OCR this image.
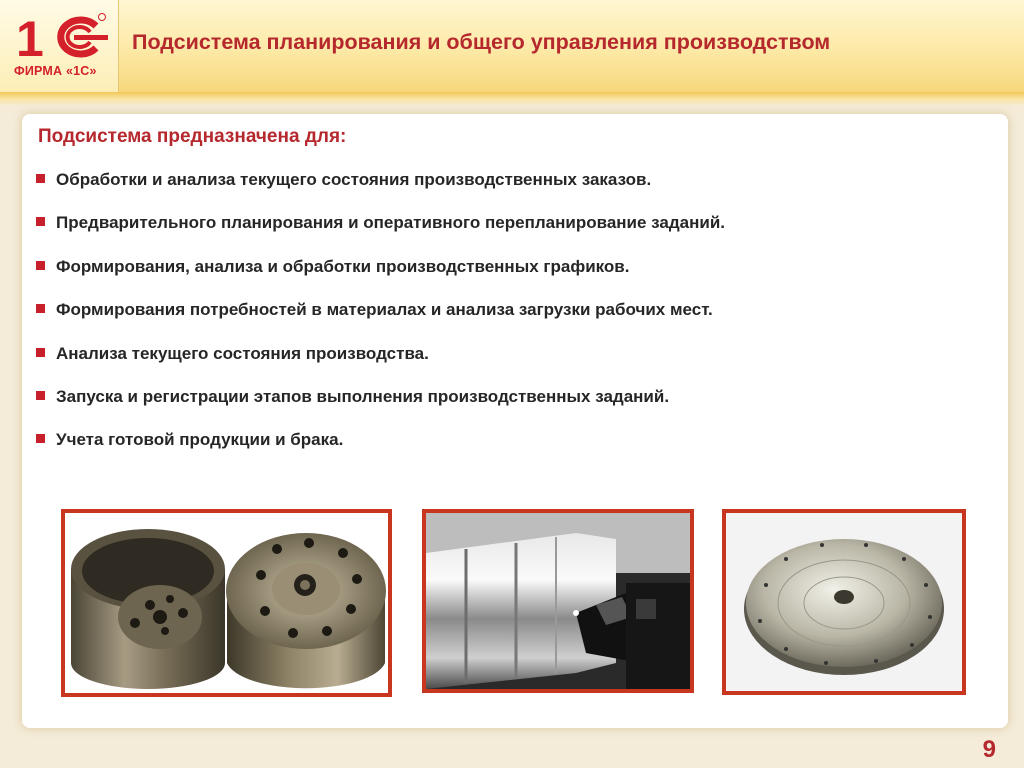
1
ФИРМА «1С»
Подсистема планирования и общего управления производством
Подсистема предназначена для:
Обработки и анализа текущего состояния производственных заказов.
Предварительного планирования и оперативного перепланирование заданий.
Формирования, анализа и обработки производственных графиков.
Формирования потребностей в материалах и анализа загрузки рабочих мест.
Анализа текущего состояния производства.
Запуска и регистрации этапов выполнения производственных заданий.
Учета готовой продукции и брака.
9
